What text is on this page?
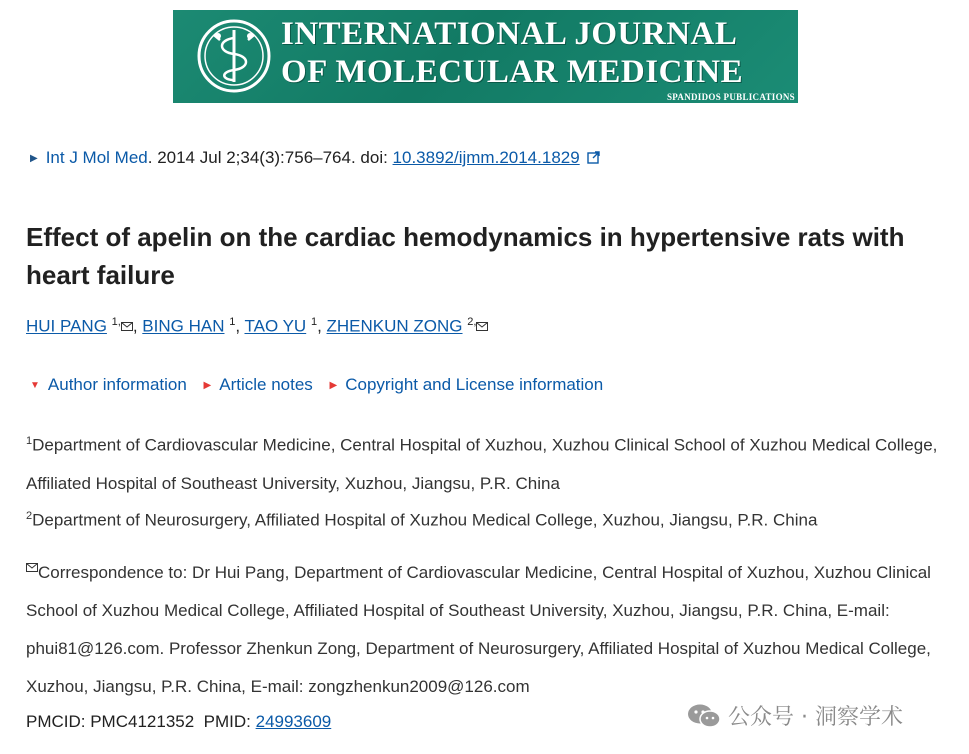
INTERNATIONAL JOURNAL
OF MOLECULAR MEDICINE
SPANDIDOS PUBLICATIONS
▶ Int J Mol Med. 2014 Jul 2;34(3):756–764. doi: 10.3892/ijmm.2014.1829
Effect of apelin on the cardiac hemodynamics in hypertensive rats with heart failure
HUI PANG $^{1,}$ , BING HAN $^1$, TAO YU $^1$, ZHENKUN ZONG $^{2,}$
▼ Author information ▶ Article notes ▶ Copyright and License information
$^1$Department of Cardiovascular Medicine, Central Hospital of Xuzhou, Xuzhou Clinical School of Xuzhou Medical College, Affiliated Hospital of Southeast University, Xuzhou, Jiangsu, P.R. China
$^2$Department of Neurosurgery, Affiliated Hospital of Xuzhou Medical College, Xuzhou, Jiangsu, P.R. China
Correspondence to: Dr Hui Pang, Department of Cardiovascular Medicine, Central Hospital of Xuzhou, Xuzhou Clinical School of Xuzhou Medical College, Affiliated Hospital of Southeast University, Xuzhou, Jiangsu, P.R. China, E-mail: phui81@126.com. Professor Zhenkun Zong, Department of Neurosurgery, Affiliated Hospital of Xuzhou Medical College, Xuzhou, Jiangsu, P.R. China, E-mail: zongzhenkun2009@126.com
PMCID: PMC4121352 PMID: 24993609	公众号 · 洞察学术
